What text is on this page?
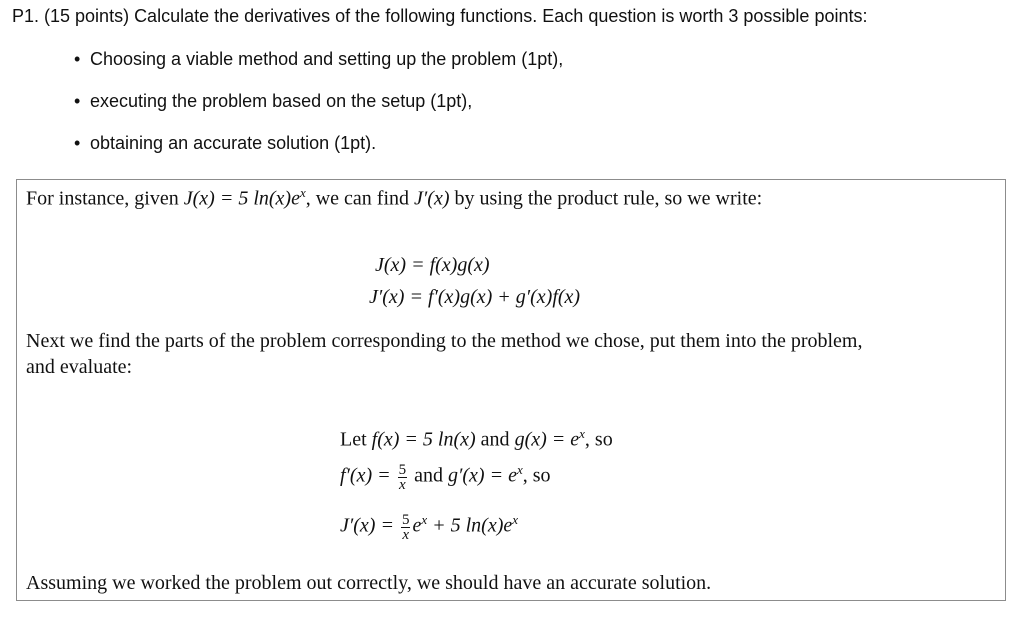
P1. (15 points) Calculate the derivatives of the following functions. Each question is worth 3 possible points:
• Choosing a viable method and setting up the problem (1pt),
• executing the problem based on the setup (1pt),
• obtaining an accurate solution (1pt).

For instance, given J(x) = 5 $\ln(x)e^x$, we can find J′(x) by using the product rule, so we write:

J(x) = f(x)g(x)
J′(x) = f′(x)g(x) + g′(x)f(x)

Next we find the parts of the problem corresponding to the method we chose, put them into the problem,

and evaluate:

Let f(x) = 5 ln(x) and $g(x) = e^x$, so
$f'(x) = \frac{5}{x}$ and $g'(x) = e^x$, so
$J'(x) = \frac{5}{x} e^x + 5$ $\ln(x)e^x$

Assuming we worked the problem out correctly, we should have an accurate solution.
